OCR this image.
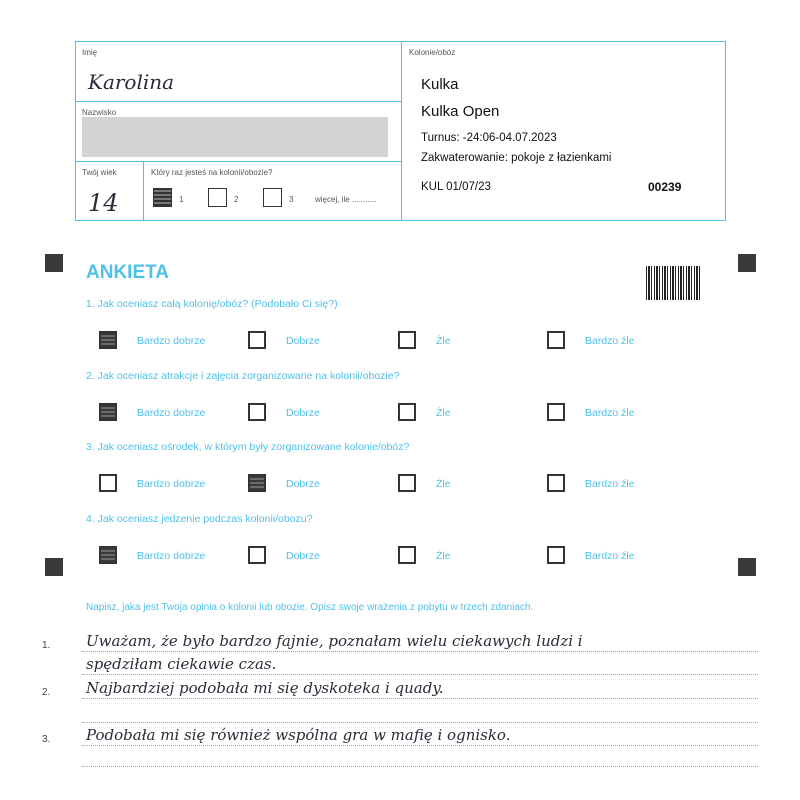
Imię
Karolina
Nazwisko
Twój wiek
14
Który raz jesteś na kolonii/obozie?
1	2	3	więcej, ile ...........
Kolonie/obóz
Kulka
Kulka Open
Turnus: -24:06-04.07.2023
Zakwaterowanie: pokoje z łazienkami
KUL 01/07/23	00239
ANKIETA
1. Jak oceniasz całą kolonię/obóz? (Podobało Ci się?)
Bardzo dobrze	Dobrze	Źle	Bardzo źle
2. Jak oceniasz atrakcje i zajęcia zorganizowane na kolonii/obozie?
Bardzo dobrze	Dobrze	Źle	Bardzo źle
3. Jak oceniasz ośrodek, w którym były zorganizowane kolonie/obóz?
Bardzo dobrze	Dobrze	Źle	Bardzo źle
4. Jak oceniasz jedzenie podczas kolonii/obozu?
Bardzo dobrze	Dobrze	Źle	Bardzo źle
Napisz, jaka jest Twoja opinia o kolonii lub obozie. Opisz swoje wrażenia z pobytu w trzech zdaniach.
1. Uważam, że było bardzo fajnie, poznałam wielu ciekawych ludzi i
spędziłam ciekawie czas.
2. Najbardziej podobała mi się dyskoteka i quady.
3. Podobała mi się również wspólna gra w mafię i ognisko.
